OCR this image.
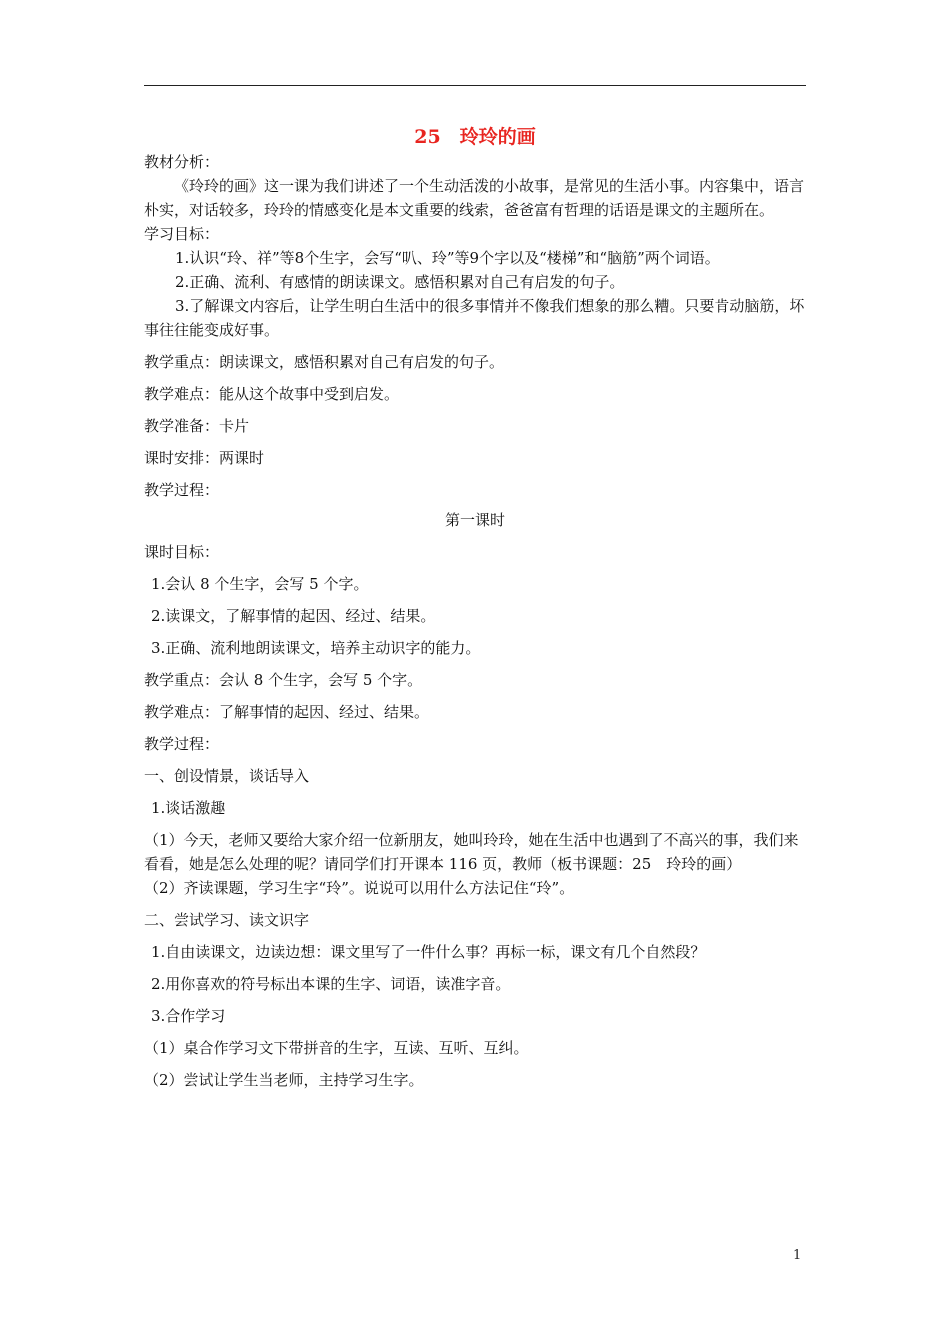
25　玲玲的画

教材分析：

《玲玲的画》这一课为我们讲述了一个生动活泼的小故事，是常见的生活小事。内容集中，语言朴实，对话较多，玲玲的情感变化是本文重要的线索，爸爸富有哲理的话语是课文的主题所在。

学习目标：

1.认识“玲、祥”等8个生字，会写“叭、玲”等9个字以及“楼梯”和“脑筋”两个词语。

2.正确、流利、有感情的朗读课文。感悟积累对自己有启发的句子。

3.了解课文内容后，让学生明白生活中的很多事情并不像我们想象的那么糟。只要肯动脑筋，坏事往往能变成好事。

教学重点：朗读课文，感悟积累对自己有启发的句子。

教学难点：能从这个故事中受到启发。

教学准备：卡片

课时安排：两课时

教学过程：

第一课时

课时目标：

1.会认 8 个生字，会写 5 个字。

2.读课文，了解事情的起因、经过、结果。

3.正确、流利地朗读课文，培养主动识字的能力。

教学重点：会认 8 个生字，会写 5 个字。

教学难点：了解事情的起因、经过、结果。

教学过程：

一、创设情景，谈话导入

1.谈话激趣

（1）今天，老师又要给大家介绍一位新朋友，她叫玲玲，她在生活中也遇到了不高兴的事，我们来看看，她是怎么处理的呢？请同学们打开课本 116 页，教师（板书课题：25　玲玲的画）

（2）齐读课题，学习生字“玲”。说说可以用什么方法记住“玲”。

二、尝试学习、读文识字

1.自由读课文，边读边想：课文里写了一件什么事？再标一标，课文有几个自然段？

2.用你喜欢的符号标出本课的生字、词语，读准字音。

3.合作学习

（1）桌合作学习文下带拼音的生字，互读、互听、互纠。

（2）尝试让学生当老师，主持学习生字。

1
